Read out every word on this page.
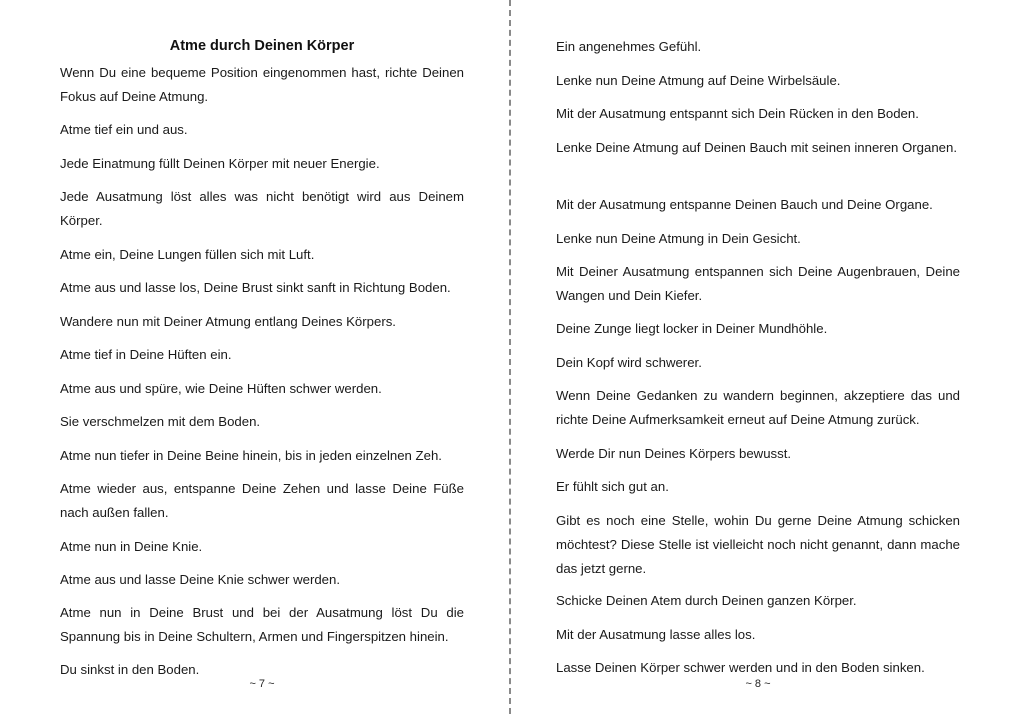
Atme durch Deinen Körper

Wenn Du eine bequeme Position eingenommen hast, richte Deinen Fokus auf Deine Atmung.

Atme tief ein und aus.

Jede Einatmung füllt Deinen Körper mit neuer Energie.

Jede Ausatmung löst alles was nicht benötigt wird aus Deinem Körper.

Atme ein, Deine Lungen füllen sich mit Luft.

Atme aus und lasse los, Deine Brust sinkt sanft in Richtung Boden.

Wandere nun mit Deiner Atmung entlang Deines Körpers.

Atme tief in Deine Hüften ein.

Atme aus und spüre, wie Deine Hüften schwer werden.

Sie verschmelzen mit dem Boden.

Atme nun tiefer in Deine Beine hinein, bis in jeden einzelnen Zeh.

Atme wieder aus, entspanne Deine Zehen und lasse Deine Füße nach außen fallen.

Atme nun in Deine Knie.

Atme aus und lasse Deine Knie schwer werden.

Atme nun in Deine Brust und bei der Ausatmung löst Du die Spannung bis in Deine Schultern, Armen und Fingerspitzen hinein.

Du sinkst in den Boden.

~ 7 ~

Ein angenehmes Gefühl.

Lenke nun Deine Atmung auf Deine Wirbelsäule.

Mit der Ausatmung entspannt sich Dein Rücken in den Boden.

Lenke Deine Atmung auf Deinen Bauch mit seinen inneren Organen.

Mit der Ausatmung entspanne Deinen Bauch und Deine Organe.

Lenke nun Deine Atmung in Dein Gesicht.

Mit Deiner Ausatmung entspannen sich Deine Augenbrauen, Deine Wangen und Dein Kiefer.

Deine Zunge liegt locker in Deiner Mundhöhle.

Dein Kopf wird schwerer.

Wenn Deine Gedanken zu wandern beginnen, akzeptiere das und richte Deine Aufmerksamkeit erneut auf Deine Atmung zurück.

Werde Dir nun Deines Körpers bewusst.

Er fühlt sich gut an.

Gibt es noch eine Stelle, wohin Du gerne Deine Atmung schicken möchtest? Diese Stelle ist vielleicht noch nicht genannt, dann mache das jetzt gerne.

Schicke Deinen Atem durch Deinen ganzen Körper.

Mit der Ausatmung lasse alles los.

Lasse Deinen Körper schwer werden und in den Boden sinken.

~ 8 ~
